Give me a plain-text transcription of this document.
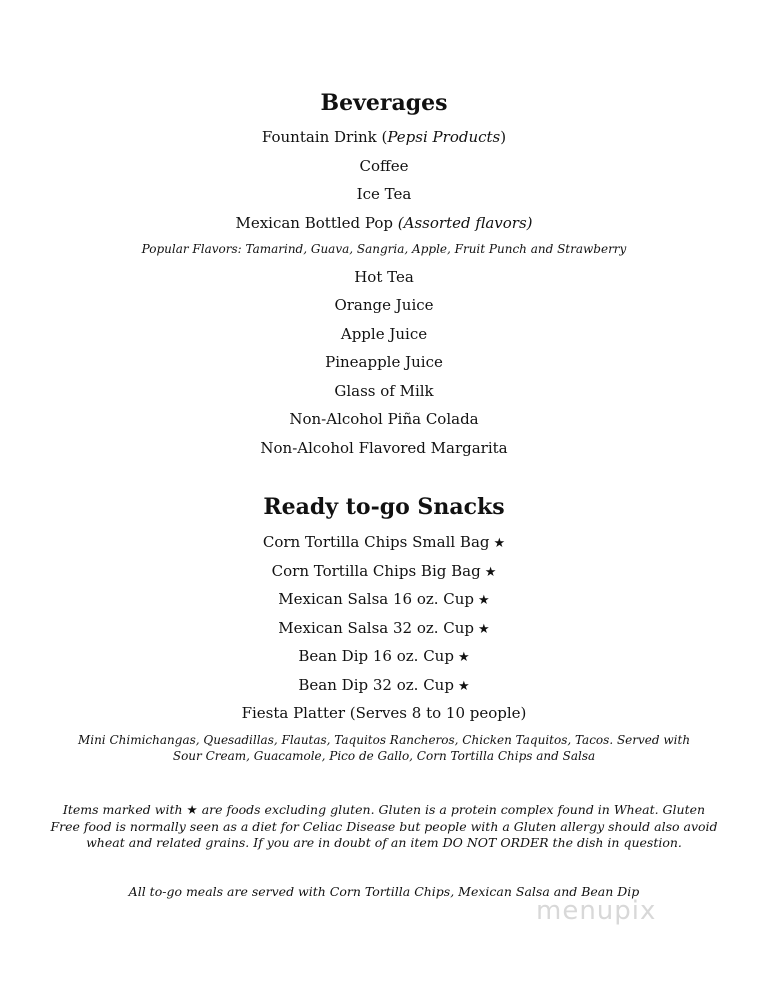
Beverages
Fountain Drink (Pepsi Products)
Coffee
Ice Tea
Mexican Bottled Pop (Assorted flavors)
Popular Flavors: Tamarind, Guava, Sangria, Apple, Fruit Punch and Strawberry
Hot Tea
Orange Juice
Apple Juice
Pineapple Juice
Glass of Milk
Non-Alcohol Piña Colada
Non-Alcohol Flavored Margarita
Ready to-go Snacks
Corn Tortilla Chips Small Bag ★
Corn Tortilla Chips Big Bag ★
Mexican Salsa 16 oz. Cup ★
Mexican Salsa 32 oz. Cup ★
Bean Dip 16 oz. Cup ★
Bean Dip 32 oz. Cup ★
Fiesta Platter (Serves 8 to 10 people)
Mini Chimichangas, Quesadillas, Flautas, Taquitos Rancheros, Chicken Taquitos, Tacos. Served with
Sour Cream, Guacamole, Pico de Gallo, Corn Tortilla Chips and Salsa
Items marked with ★ are foods excluding gluten. Gluten is a protein complex found in Wheat. Gluten
Free food is normally seen as a diet for Celiac Disease but people with a Gluten allergy should also avoid
wheat and related grains. If you are in doubt of an item DO NOT ORDER the dish in question.
All to-go meals are served with Corn Tortilla Chips, Mexican Salsa and Bean Dip
menupix
